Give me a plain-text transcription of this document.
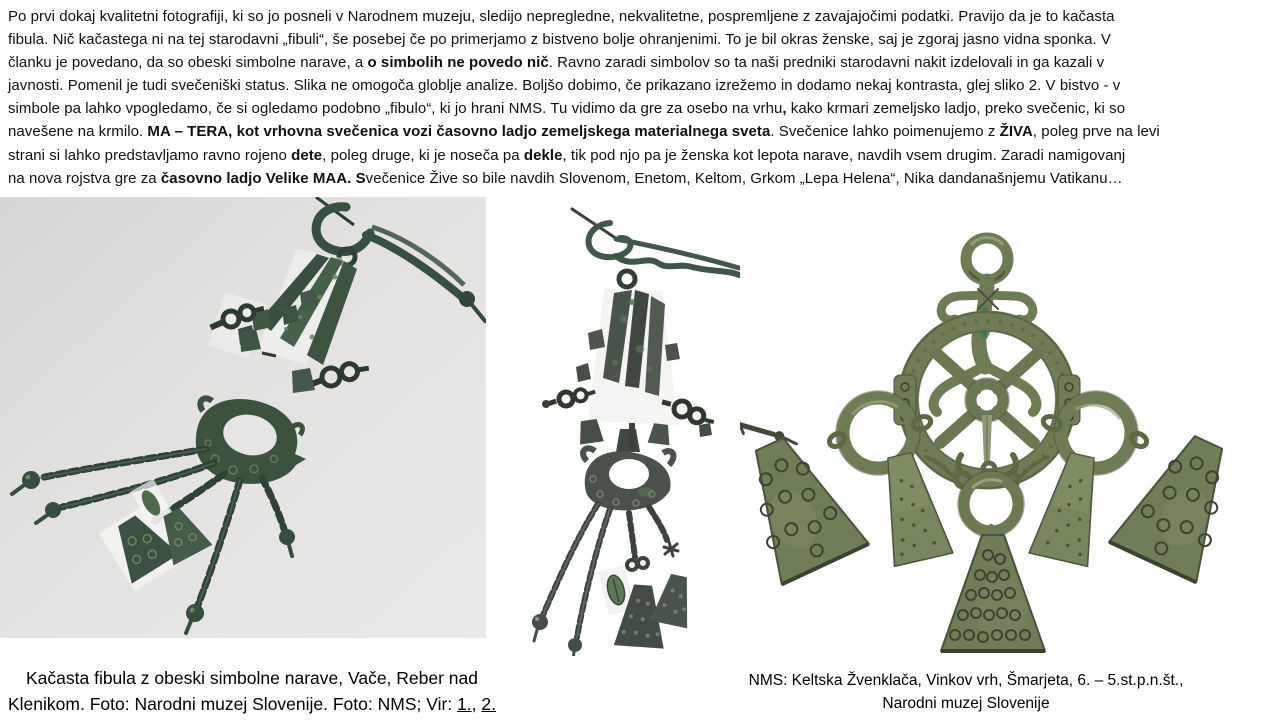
Po prvi dokaj kvalitetni fotografiji, ki so jo posneli v Narodnem muzeju, sledijo nepregledne, nekvalitetne, pospremljene z zavajajočimi podatki. Pravijo da je to kačasta
fibula. Nič kačastega ni na tej starodavni „fibuli“, še posebej če po primerjamo z bistveno bolje ohranjenimi. To je bil okras ženske, saj je zgoraj jasno vidna sponka. V
članku je povedano, da so obeski simbolne narave, a o simbolih ne povedo nič. Ravno zaradi simbolov so ta naši predniki starodavni nakit izdelovali in ga kazali v
javnosti. Pomenil je tudi svečeniški status. Slika ne omogoča globlje analize. Boljšo dobimo, če prikazano izrežemo in dodamo nekaj kontrasta, glej sliko 2. V bistvo - v
simbole pa lahko vpogledamo, če si ogledamo podobno „fibulo“, ki jo hrani NMS. Tu vidimo da gre za osebo na vrhu, kako krmari zemeljsko ladjo, preko svečenic, ki so
navešene na krmilo. MA – TERA, kot vrhovna svečenica vozi časovno ladjo zemeljskega materialnega sveta. Svečenice lahko poimenujemo z ŽIVA, poleg prve na levi
strani si lahko predstavljamo ravno rojeno dete, poleg druge, ki je noseča pa dekle, tik pod njo pa je ženska kot lepota narave, navdih vsem drugim. Zaradi namigovanj
na nova rojstva gre za časovno ladjo Velike MAA. Svečenice Žive so bile navdih Slovenom, Enetom, Keltom, Grkom „Lepa Helena“, Nika dandanašnjemu Vatikanu…
Kačasta fibula z obeski simbolne narave, Vače, Reber nad
Klenikom. Foto: Narodni muzej Slovenije. Foto: NMS; Vir: 1., 2.
NMS: Keltska Žvenklača, Vinkov vrh, Šmarjeta, 6. – 5.st.p.n.št.,
Narodni muzej Slovenije
